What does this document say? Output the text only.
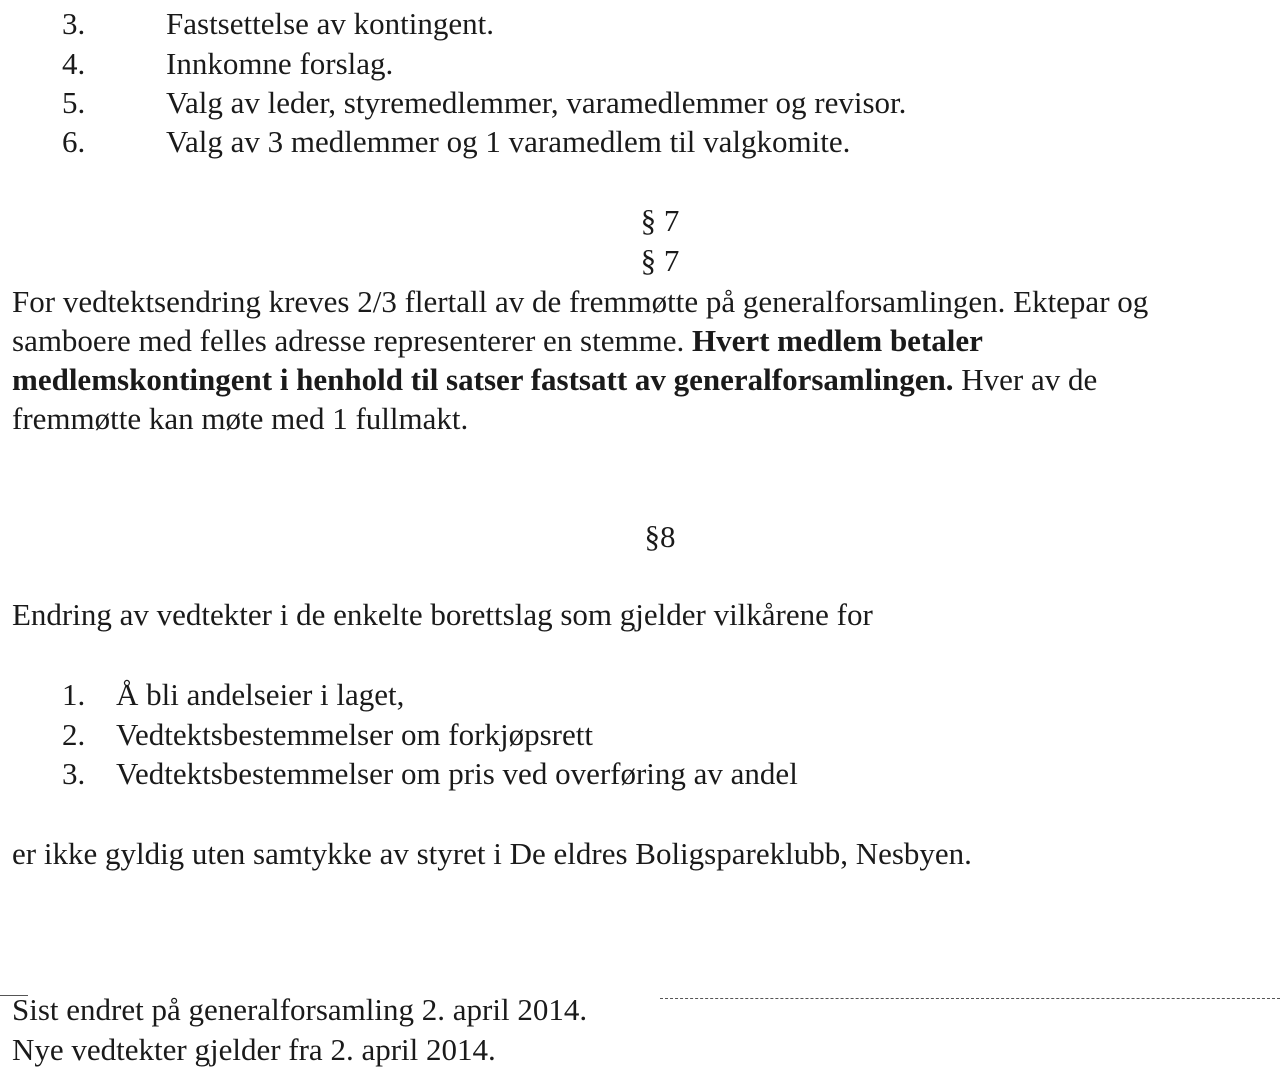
3.	Fastsettelse av kontingent.
4.	Innkomne forslag.
5.	Valg av leder, styremedlemmer, varamedlemmer og revisor.
6.	Valg av 3 medlemmer og 1 varamedlem til valgkomite.
§ 7
§ 7
For vedtektsendring kreves 2/3 flertall av de fremmøtte på generalforsamlingen. Ektepar og
samboere med felles adresse representerer en stemme. Hvert medlem betaler
medlemskontingent i henhold til satser fastsatt av generalforsamlingen. Hver av de
fremmøtte kan møte med 1 fullmakt.
§8
Endring av vedtekter i de enkelte borettslag som gjelder vilkårene for
1. Å bli andelseier i laget,
2. Vedtektsbestemmelser om forkjøpsrett
3. Vedtektsbestemmelser om pris ved overføring av andel
er ikke gyldig uten samtykke av styret i De eldres Boligspareklubb, Nesbyen.
Sist endret på generalforsamling 2. april 2014.
Nye vedtekter gjelder fra 2. april 2014.
